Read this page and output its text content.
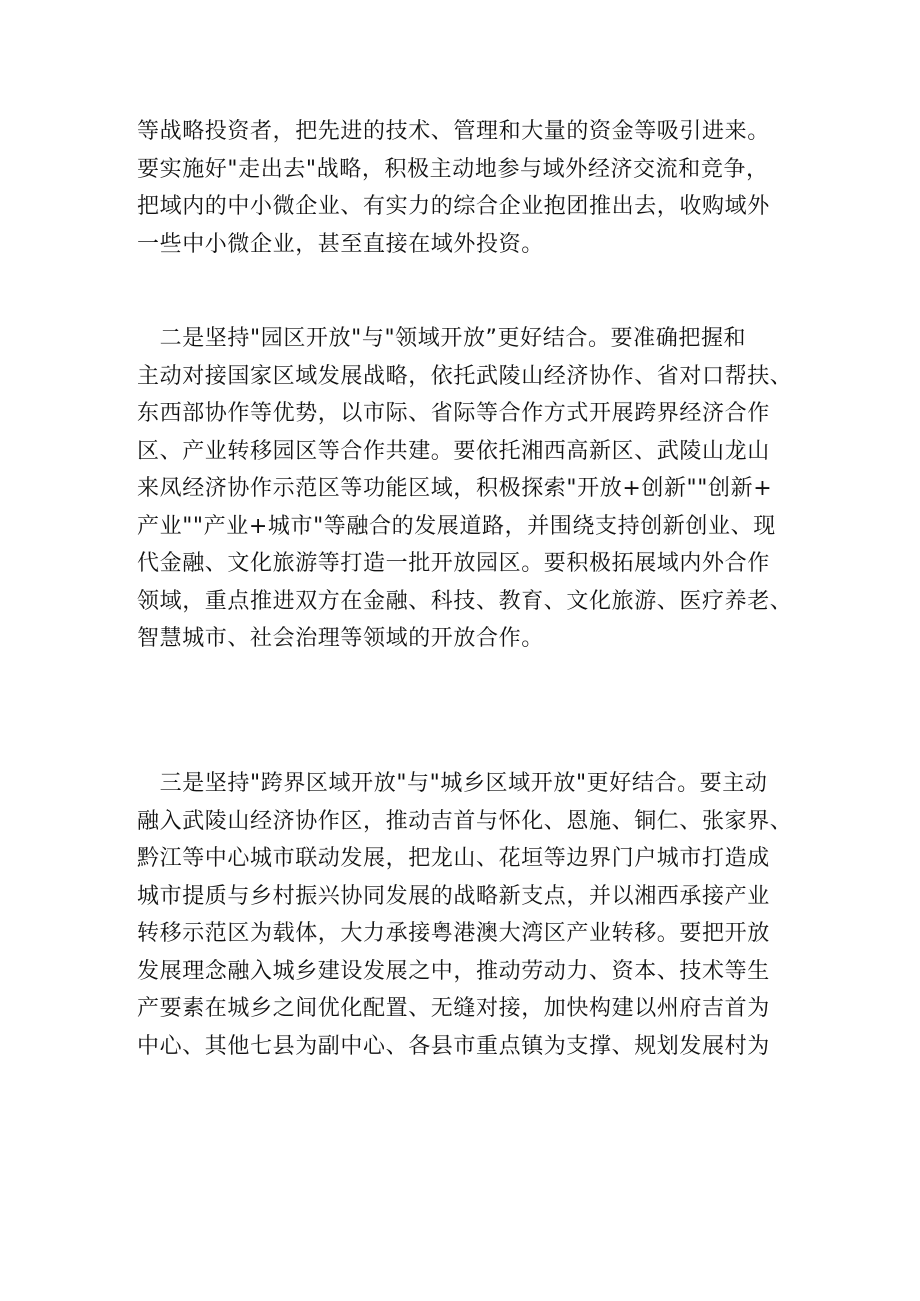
等战略投资者，把先进的技术、管理和大量的资金等吸引进来。
要实施好"走出去"战略，积极主动地参与域外经济交流和竞争，
把域内的中小微企业、有实力的综合企业抱团推出去，收购域外
一些中小微企业，甚至直接在域外投资。
　二是坚持"园区开放"与"领域开放”更好结合。要准确把握和
主动对接国家区域发展战略，依托武陵山经济协作、省对口帮扶、
东西部协作等优势，以市际、省际等合作方式开展跨界经济合作
区、产业转移园区等合作共建。要依托湘西高新区、武陵山龙山
来凤经济协作示范区等功能区域，积极探索"开放+创新""创新+
产业""产业+城市"等融合的发展道路，并围绕支持创新创业、现
代金融、文化旅游等打造一批开放园区。要积极拓展域内外合作
领域，重点推进双方在金融、科技、教育、文化旅游、医疗养老、
智慧城市、社会治理等领域的开放合作。
　三是坚持"跨界区域开放"与"城乡区域开放"更好结合。要主动
融入武陵山经济协作区，推动吉首与怀化、恩施、铜仁、张家界、
黔江等中心城市联动发展，把龙山、花垣等边界门户城市打造成
城市提质与乡村振兴协同发展的战略新支点，并以湘西承接产业
转移示范区为载体，大力承接粤港澳大湾区产业转移。要把开放
发展理念融入城乡建设发展之中，推动劳动力、资本、技术等生
产要素在城乡之间优化配置、无缝对接，加快构建以州府吉首为
中心、其他七县为副中心、各县市重点镇为支撑、规划发展村为
